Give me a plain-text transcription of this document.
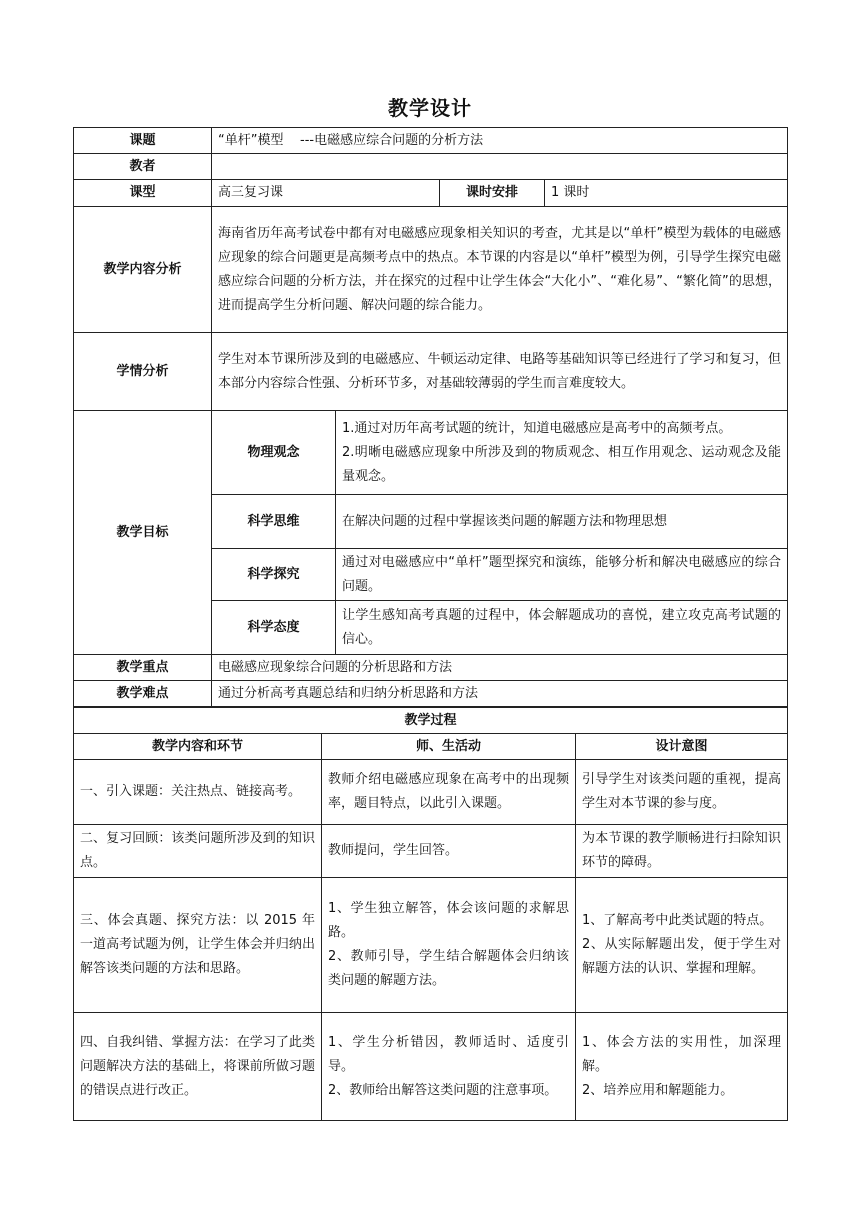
教学设计
课题	“单杆”模型    ---电磁感应综合问题的分析方法			
教者				
课型	高三复习课		课时安排	1 课时
教学内容分析	海南省历年高考试卷中都有对电磁感应现象相关知识的考查，尤其是以“单杆”模型为载体的电磁感应现象的综合问题更是高频考点中的热点。本节课的内容是以“单杆”模型为例，引导学生探究电磁感应综合问题的分析方法，并在探究的过程中让学生体会“大化小”、“难化易”、“繁化简”的思想，进而提高学生分析问题、解决问题的综合能力。			
学情分析	学生对本节课所涉及到的电磁感应、牛顿运动定律、电路等基础知识等已经进行了学习和复习，但本部分内容综合性强、分析环节多，对基础较薄弱的学生而言难度较大。			
教学目标	物理观念	1.通过对历年高考试题的统计，知道电磁感应是高考中的高频考点。
2.明晰电磁感应现象中所涉及到的物质观念、相互作用观念、运动观念及能量观念。		

	科学思维	在解决问题的过程中掌握该类问题的解题方法和物理思想		

	科学探究	通过对电磁感应中“单杆”题型探究和演练，能够分析和解决电磁感应的综合问题。		

	科学态度	让学生感知高考真题的过程中，体会解题成功的喜悦，建立攻克高考试题的信心。		

教学重点	电磁感应现象综合问题的分析思路和方法			
教学难点	通过分析高考真题总结和归纳分析思路和方法			
教学过程		
教学内容和环节	师、生活动	设计意图

一、引入课题：关注热点、链接高考。	教师介绍电磁感应现象在高考中的出现频率，题目特点，以此引入课题。	引导学生对该类问题的重视，提高学生对本节课的参与度。

二、复习回顾：该类问题所涉及到的知识点。	教师提问，学生回答。	为本节课的教学顺畅进行扫除知识环节的障碍。

三、体会真题、探究方法：以 2015 年一道高考试题为例，让学生体会并归纳出解答该类问题的方法和思路。	1、学生独立解答，体会该问题的求解思路。
2、教师引导，学生结合解题体会归纳该类问题的解题方法。	1、了解高考中此类试题的特点。
2、从实际解题出发，便于学生对解题方法的认识、掌握和理解。

四、自我纠错、掌握方法：在学习了此类问题解决方法的基础上，将课前所做习题的错误点进行改正。	1、学生分析错因，教师适时、适度引导。
2、教师给出解答这类问题的注意事项。	1、体会方法的实用性，加深理解。
2、培养应用和解题能力。
